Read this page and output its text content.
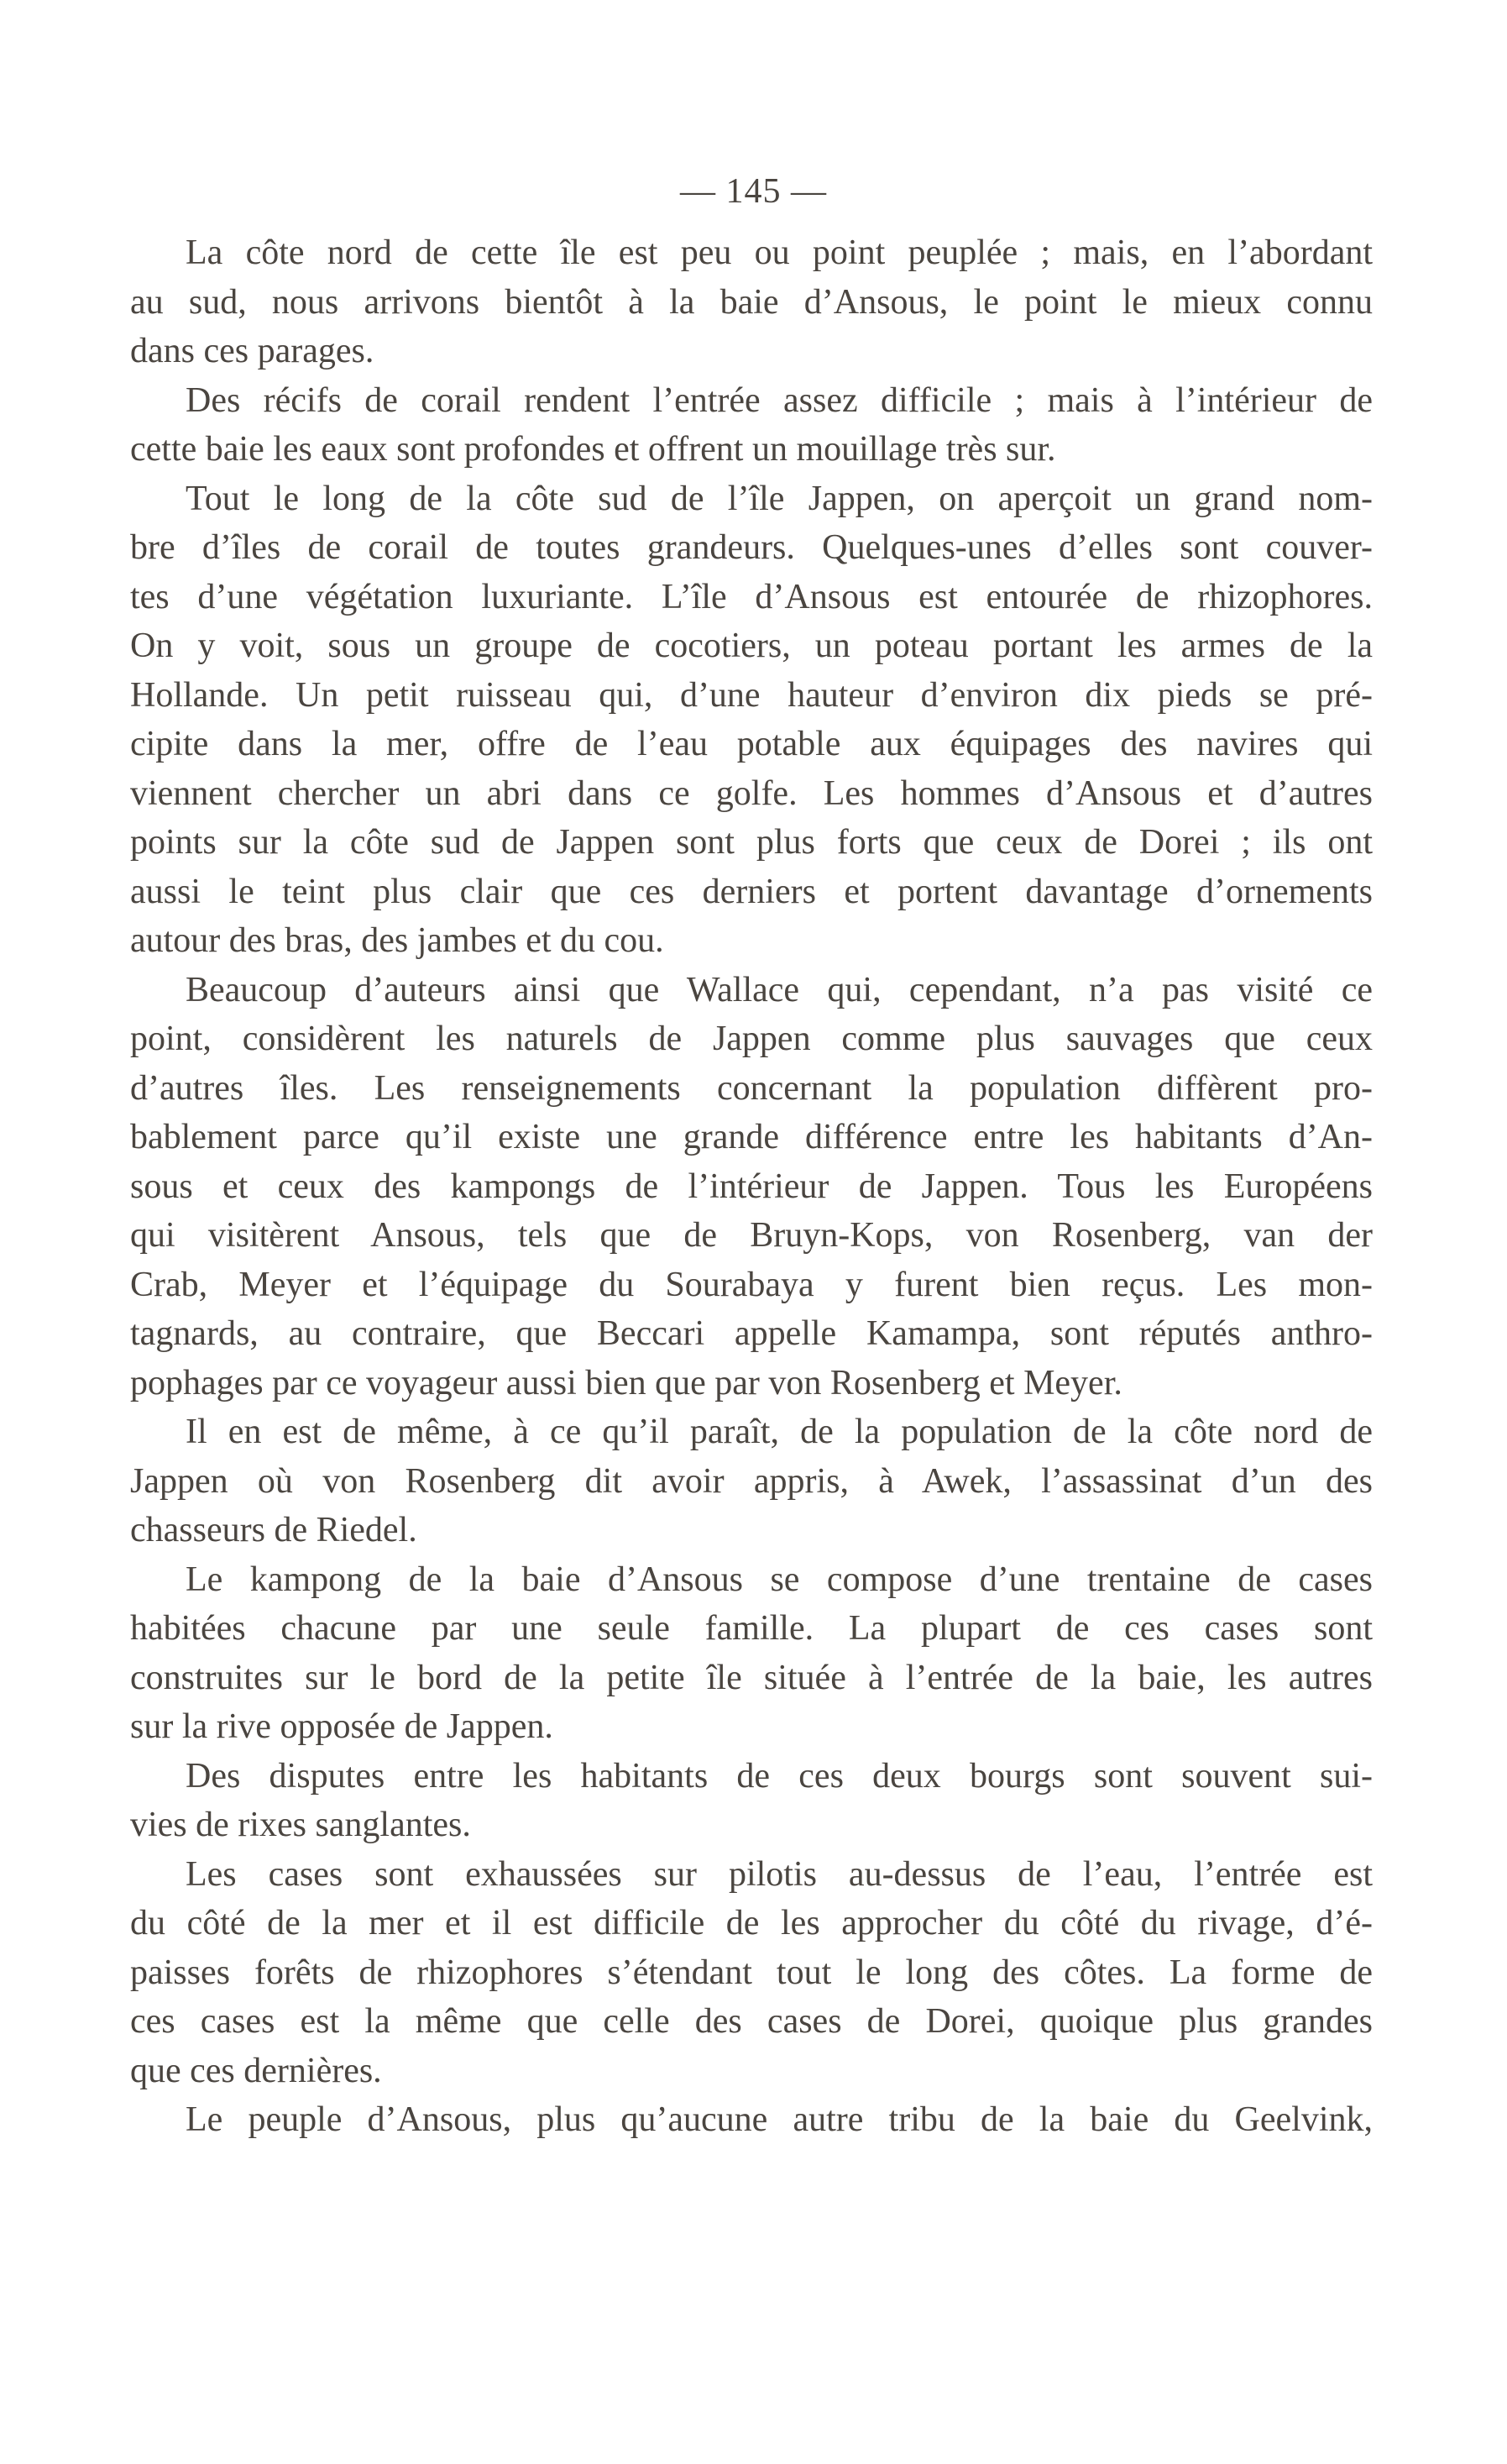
— 145 —
La côte nord de cette île est peu ou point peuplée ; mais, en l’abordant
au sud, nous arrivons bientôt à la baie d’Ansous, le point le mieux connu
dans ces parages.
Des récifs de corail rendent l’entrée assez difficile ; mais à l’intérieur de
cette baie les eaux sont profondes et offrent un mouillage très sur.
Tout le long de la côte sud de l’île Jappen, on aperçoit un grand nom-
bre d’îles de corail de toutes grandeurs. Quelques-unes d’elles sont couver-
tes d’une végétation luxuriante. L’île d’Ansous est entourée de rhizophores.
On y voit, sous un groupe de cocotiers, un poteau portant les armes de la
Hollande. Un petit ruisseau qui, d’une hauteur d’environ dix pieds se pré-
cipite dans la mer, offre de l’eau potable aux équipages des navires qui
viennent chercher un abri dans ce golfe. Les hommes d’Ansous et d’autres
points sur la côte sud de Jappen sont plus forts que ceux de Dorei ; ils ont
aussi le teint plus clair que ces derniers et portent davantage d’ornements
autour des bras, des jambes et du cou.
Beaucoup d’auteurs ainsi que Wallace qui, cependant, n’a pas visité ce
point, considèrent les naturels de Jappen comme plus sauvages que ceux
d’autres îles. Les renseignements concernant la population diffèrent pro-
bablement parce qu’il existe une grande différence entre les habitants d’An-
sous et ceux des kampongs de l’intérieur de Jappen. Tous les Européens
qui visitèrent Ansous, tels que de Bruyn-Kops, von Rosenberg, van der
Crab, Meyer et l’équipage du Sourabaya y furent bien reçus. Les mon-
tagnards, au contraire, que Beccari appelle Kamampa, sont réputés anthro-
pophages par ce voyageur aussi bien que par von Rosenberg et Meyer.
Il en est de même, à ce qu’il paraît, de la population de la côte nord de
Jappen où von Rosenberg dit avoir appris, à Awek, l’assassinat d’un des
chasseurs de Riedel.
Le kampong de la baie d’Ansous se compose d’une trentaine de cases
habitées chacune par une seule famille. La plupart de ces cases sont
construites sur le bord de la petite île située à l’entrée de la baie, les autres
sur la rive opposée de Jappen.
Des disputes entre les habitants de ces deux bourgs sont souvent sui-
vies de rixes sanglantes.
Les cases sont exhaussées sur pilotis au-dessus de l’eau, l’entrée est
du côté de la mer et il est difficile de les approcher du côté du rivage, d’é-
paisses forêts de rhizophores s’étendant tout le long des côtes. La forme de
ces cases est la même que celle des cases de Dorei, quoique plus grandes
que ces dernières.
Le peuple d’Ansous, plus qu’aucune autre tribu de la baie du Geelvink,
